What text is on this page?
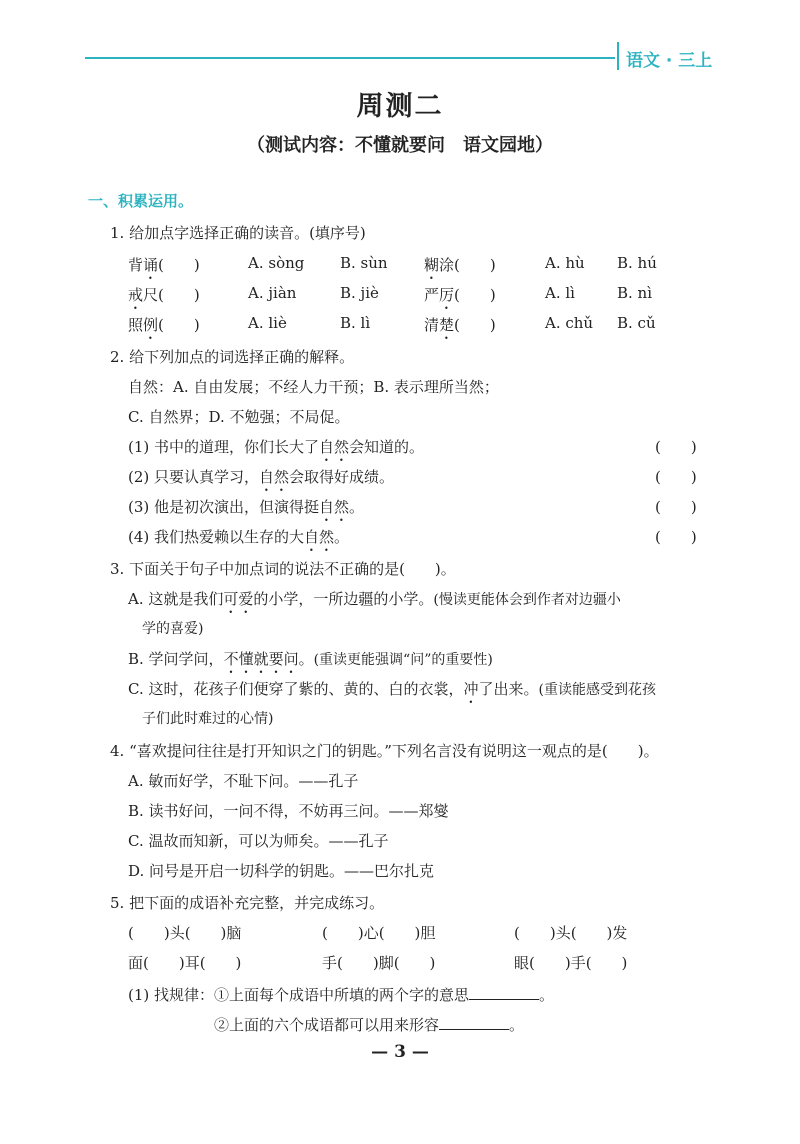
语文 · 三上
周测二
（测试内容：不懂就要问　语文园地）
一、积累运用。
1. 给加点字选择正确的读音。(填序号)
背诵(　　)	A. sòng B. sùn 糊涂(　　)	A. hù B. hú
戒尺(　　)	A. jiàn	B. jiè	严厉(　　)	A. lì	B. nì
照例(　　)	A. liè	B. lì	清楚(　　)	A. chǔ B. cǔ
2. 给下列加点的词选择正确的解释。
自然：A. 自由发展；不经人力干预；B. 表示理所当然；
C. 自然界；D. 不勉强；不局促。
(1) 书中的道理，你们长大了自然会知道的。	(　　)
(2) 只要认真学习，自然会取得好成绩。	(　　)
(3) 他是初次演出，但演得挺自然。	(　　)
(4) 我们热爱赖以生存的大自然。	(　　)
3. 下面关于句子中加点词的说法不正确的是(　　)。
A. 这就是我们可爱的小学，一所边疆的小学。(慢读更能体会到作者对边疆小
学的喜爱)
B. 学问学问，不懂就要问。(重读更能强调“问”的重要性)
C. 这时，花孩子们便穿了紫的、黄的、白的衣裳，冲了出来。(重读能感受到花孩
子们此时难过的心情)
4. “喜欢提问往往是打开知识之门的钥匙。”下列名言没有说明这一观点的是(　　)。
A. 敏而好学，不耻下问。——孔子
B. 读书好问，一问不得，不妨再三问。——郑燮
C. 温故而知新，可以为师矣。——孔子
D. 问号是开启一切科学的钥匙。——巴尔扎克
5. 把下面的成语补充完整，并完成练习。
(　　)头(　　)脑	(　　)心(　　)胆	(　　)头(　　)发
面(　　)耳(　　)	手(　　)脚(　　)	眼(　　)手(　　)
(1) 找规律：①上面每个成语中所填的两个字的意思	。
②上面的六个成语都可以用来形容	。
— 3 —
